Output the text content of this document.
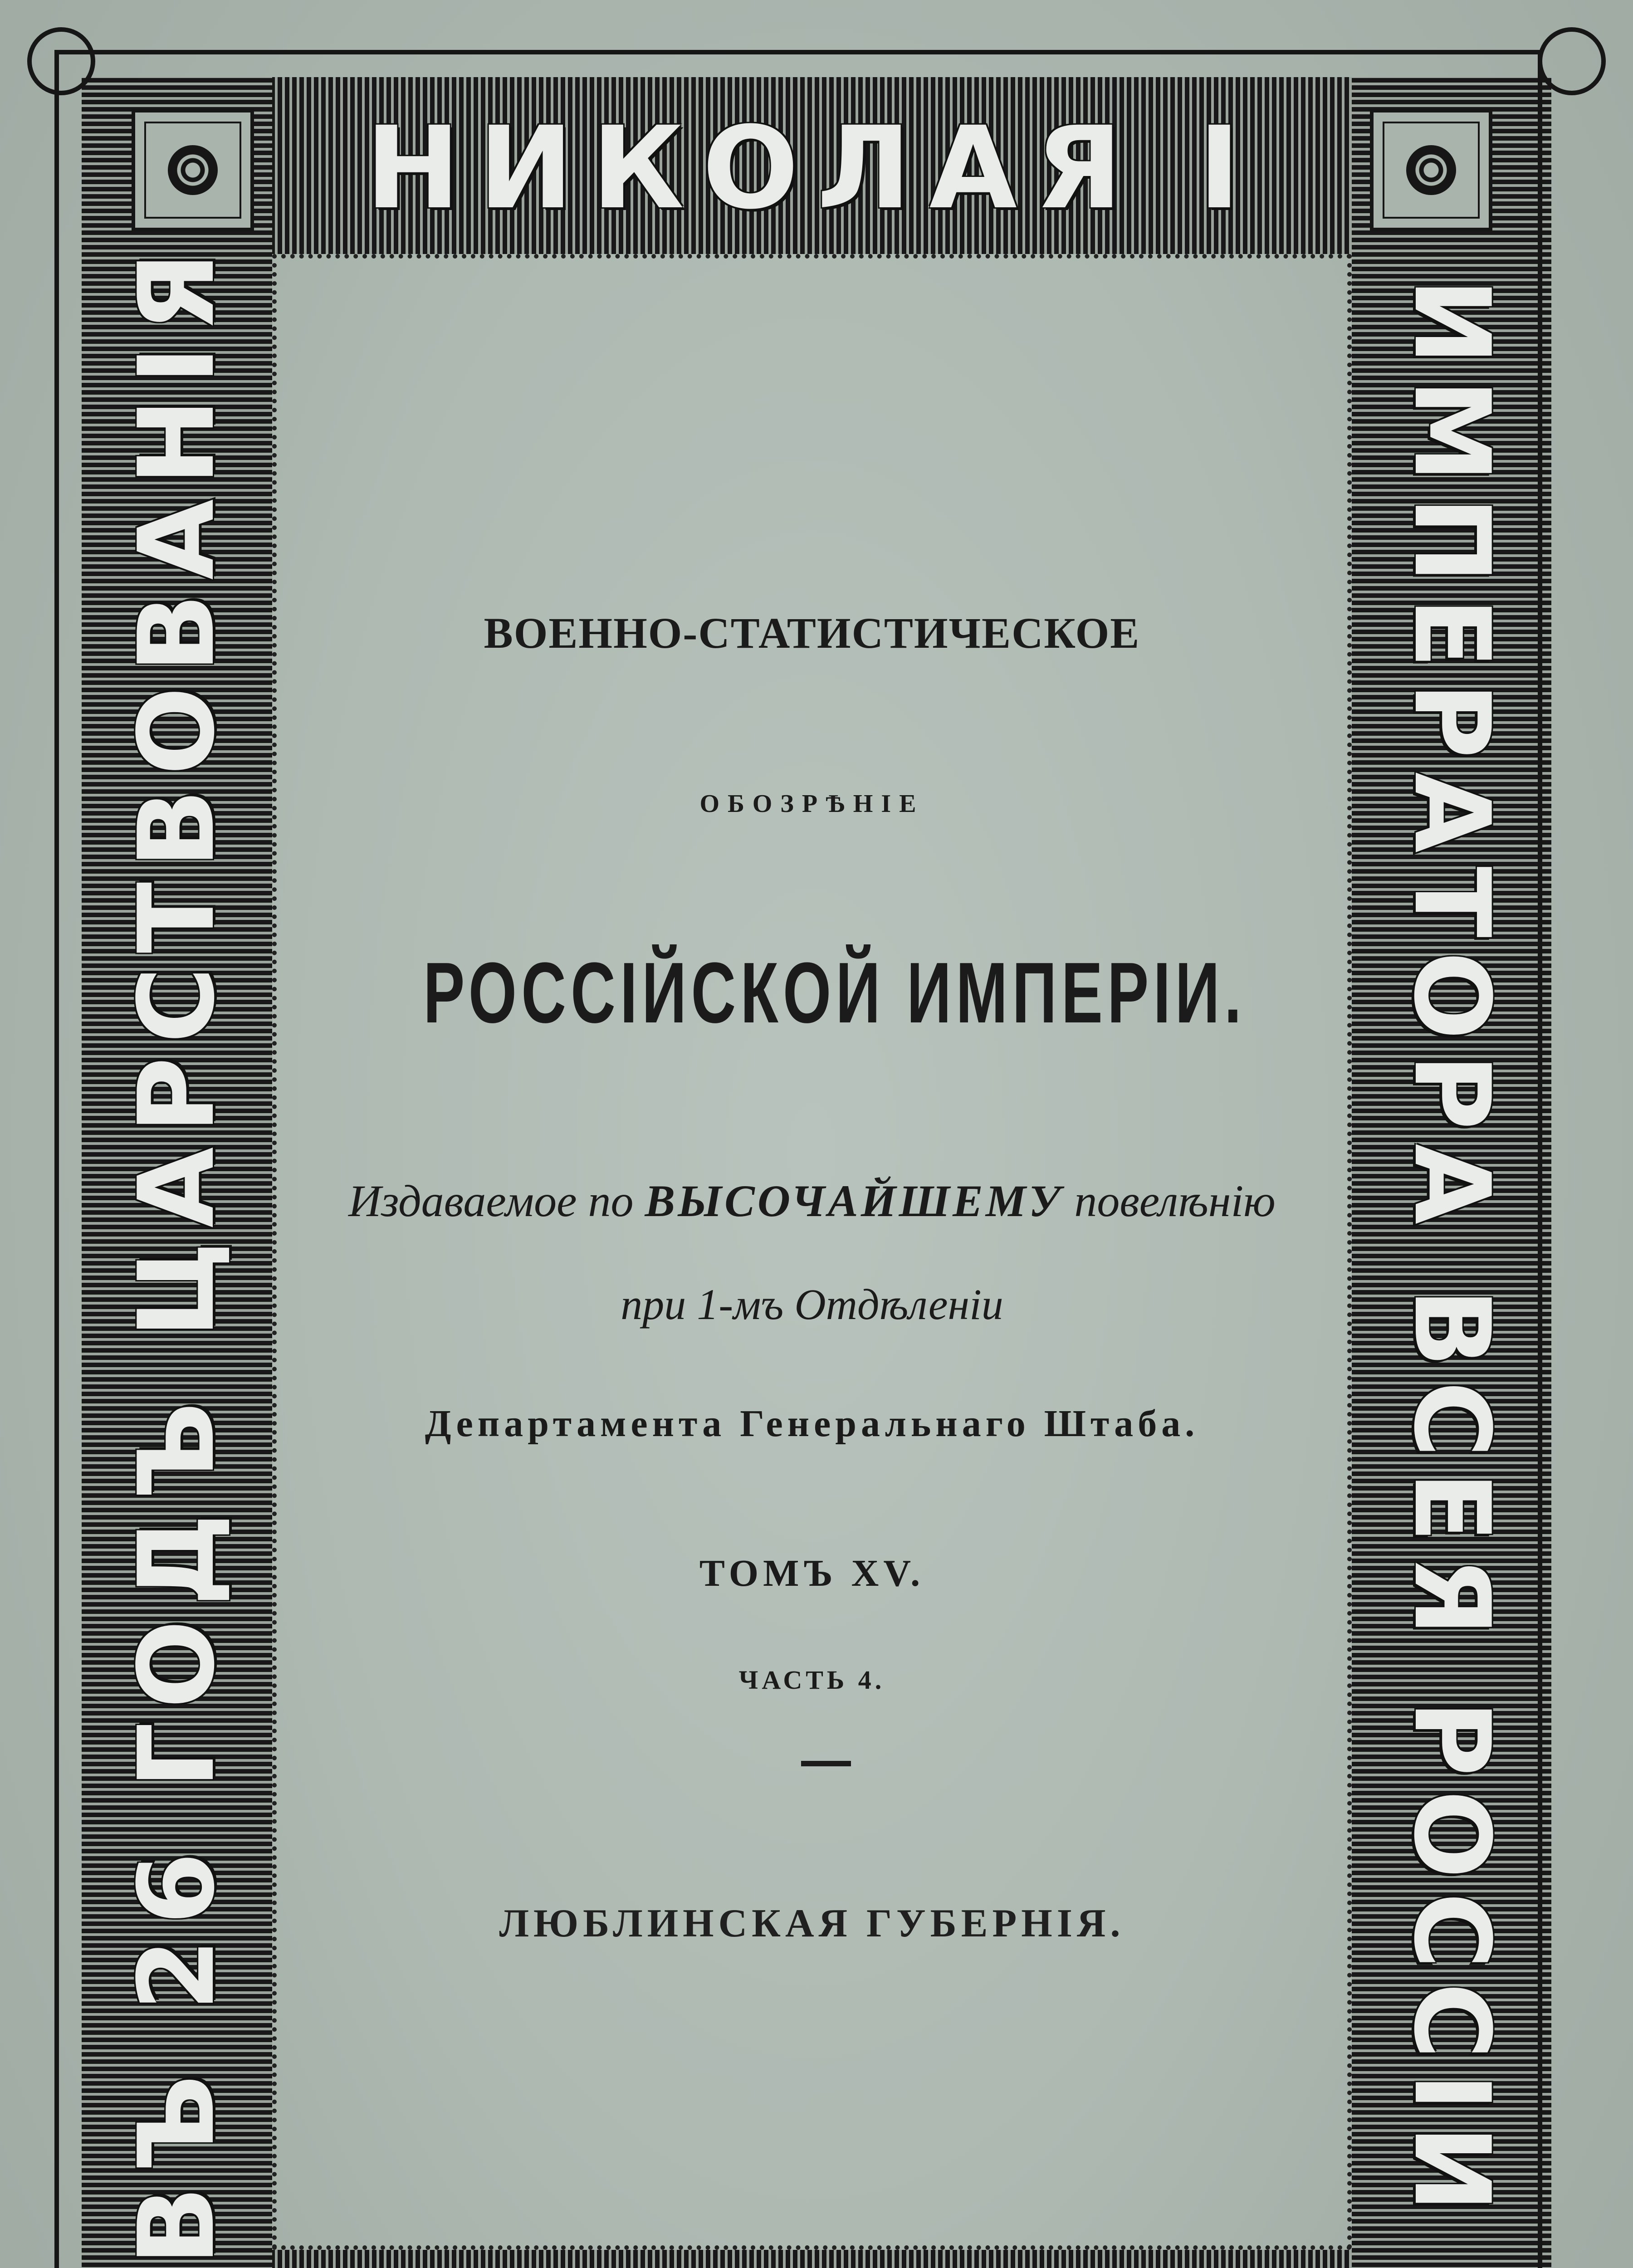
НИКОЛАЯ І
ВЪ 26 ГОДЪ ЦАРСТВОВАНІЯ	ИМПЕРАТОРА ВСЕЯ РОССІИ
ВОЕННО-СТАТИСТИЧЕСКОЕ
ОБОЗРѢНІЕ
РОССІЙСКОЙ ИМПЕРІИ.
Издаваемое по ВЫСОЧАЙШЕМУ повелѣнію
при 1-мъ Отдѣленіи
Департамента Генеральнаго Штаба.
ТОМЪ XV.
ЧАСТЬ 4.
ЛЮБЛИНСКАЯ ГУБЕРНІЯ.
